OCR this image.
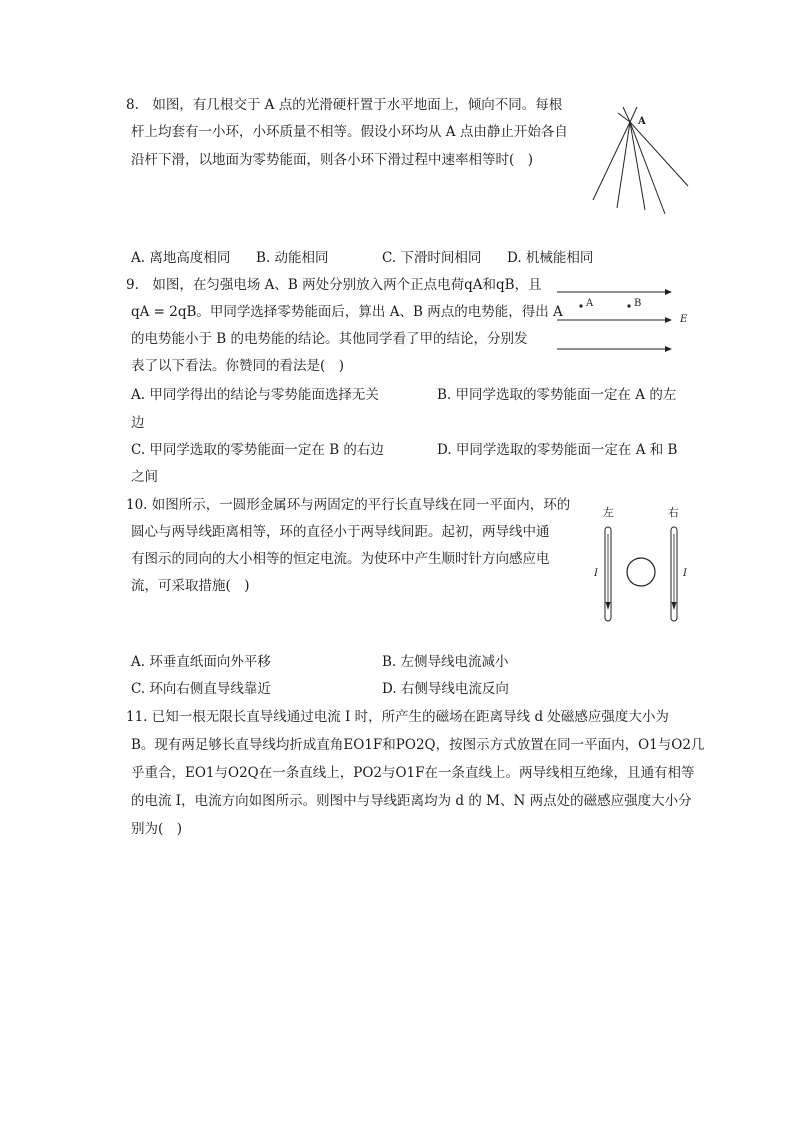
8.　如图，有几根交于 A 点的光滑硬杆置于水平地面上，倾向不同。每根
杆上均套有一小环，小环质量不相等。假设小环均从 A 点由静止开始各自
沿杆下滑，以地面为零势能面，则各小环下滑过程中速率相等时(　)
A
A. 离地高度相同 B. 动能相同	C. 下滑时间相同 D. 机械能相同
9.　如图，在匀强电场 A、B 两处分别放入两个正点电荷qA和qB，且
qA = 2qB。甲同学选择零势能面后，算出 A、B 两点的电势能，得出 A
的电势能小于 B 的电势能的结论。其他同学看了甲的结论，分别发
表了以下看法。你赞同的看法是(　)
A	B
E
A. 甲同学得出的结论与零势能面选择无关	B. 甲同学选取的零势能面一定在 A 的左
边
C. 甲同学选取的零势能面一定在 B 的右边	D. 甲同学选取的零势能面一定在 A 和 B
之间
10. 如图所示，一圆形金属环与两固定的平行长直导线在同一平面内，环的
圆心与两导线距离相等，环的直径小于两导线间距。起初，两导线中通
有图示的同向的大小相等的恒定电流。为使环中产生顺时针方向感应电
流，可采取措施(　)
左	右
I	I
A. 环垂直纸面向外平移	B. 左侧导线电流减小
C. 环向右侧直导线靠近	D. 右侧导线电流反向
11. 已知一根无限长直导线通过电流 I 时，所产生的磁场在距离导线 d 处磁感应强度大小为
B。现有两足够长直导线均折成直角EO1F和PO2Q，按图示方式放置在同一平面内，O1与O2几
乎重合，EO1与O2Q在一条直线上，PO2与O1F在一条直线上。两导线相互绝缘，且通有相等
的电流 I，电流方向如图所示。则图中与导线距离均为 d 的 M、N 两点处的磁感应强度大小分
别为(　)
